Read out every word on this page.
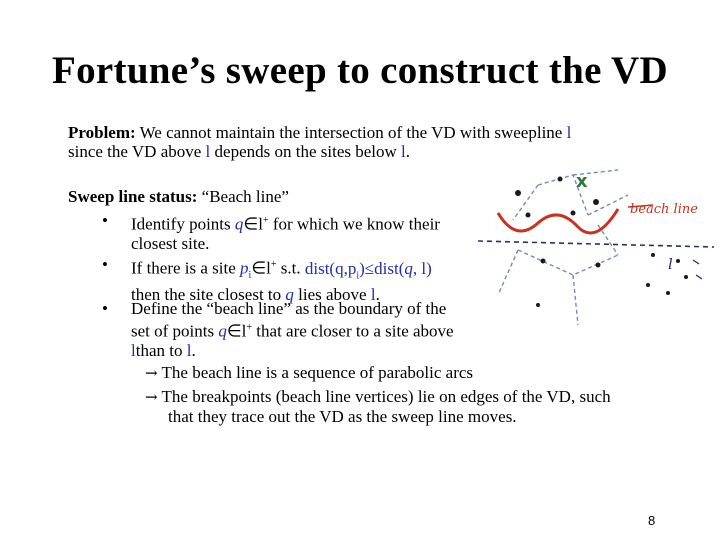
Fortune’s sweep to construct the VD
Problem: We cannot maintain the intersection of the VD with sweepline l
since the VD above l depends on the sites below l.
Sweep line status: “Beach line”
•	Identify points q∈l+ for which we know their
closest site.
•	If there is a site $p_i\in l^+$ s.t. $dist(q,p_i)\le dist(q$, l)
then the site closest to q lies above l.
•	Define the “beach line” as the boundary of the
set of points q∈l+ that are closer to a site above
lthan to l.
→ The beach line is a sequence of parabolic arcs
→ The breakpoints (beach line vertices) lie on edges of the VD, such
that they trace out the VD as the sweep line moves.
beach line
x
l
8
